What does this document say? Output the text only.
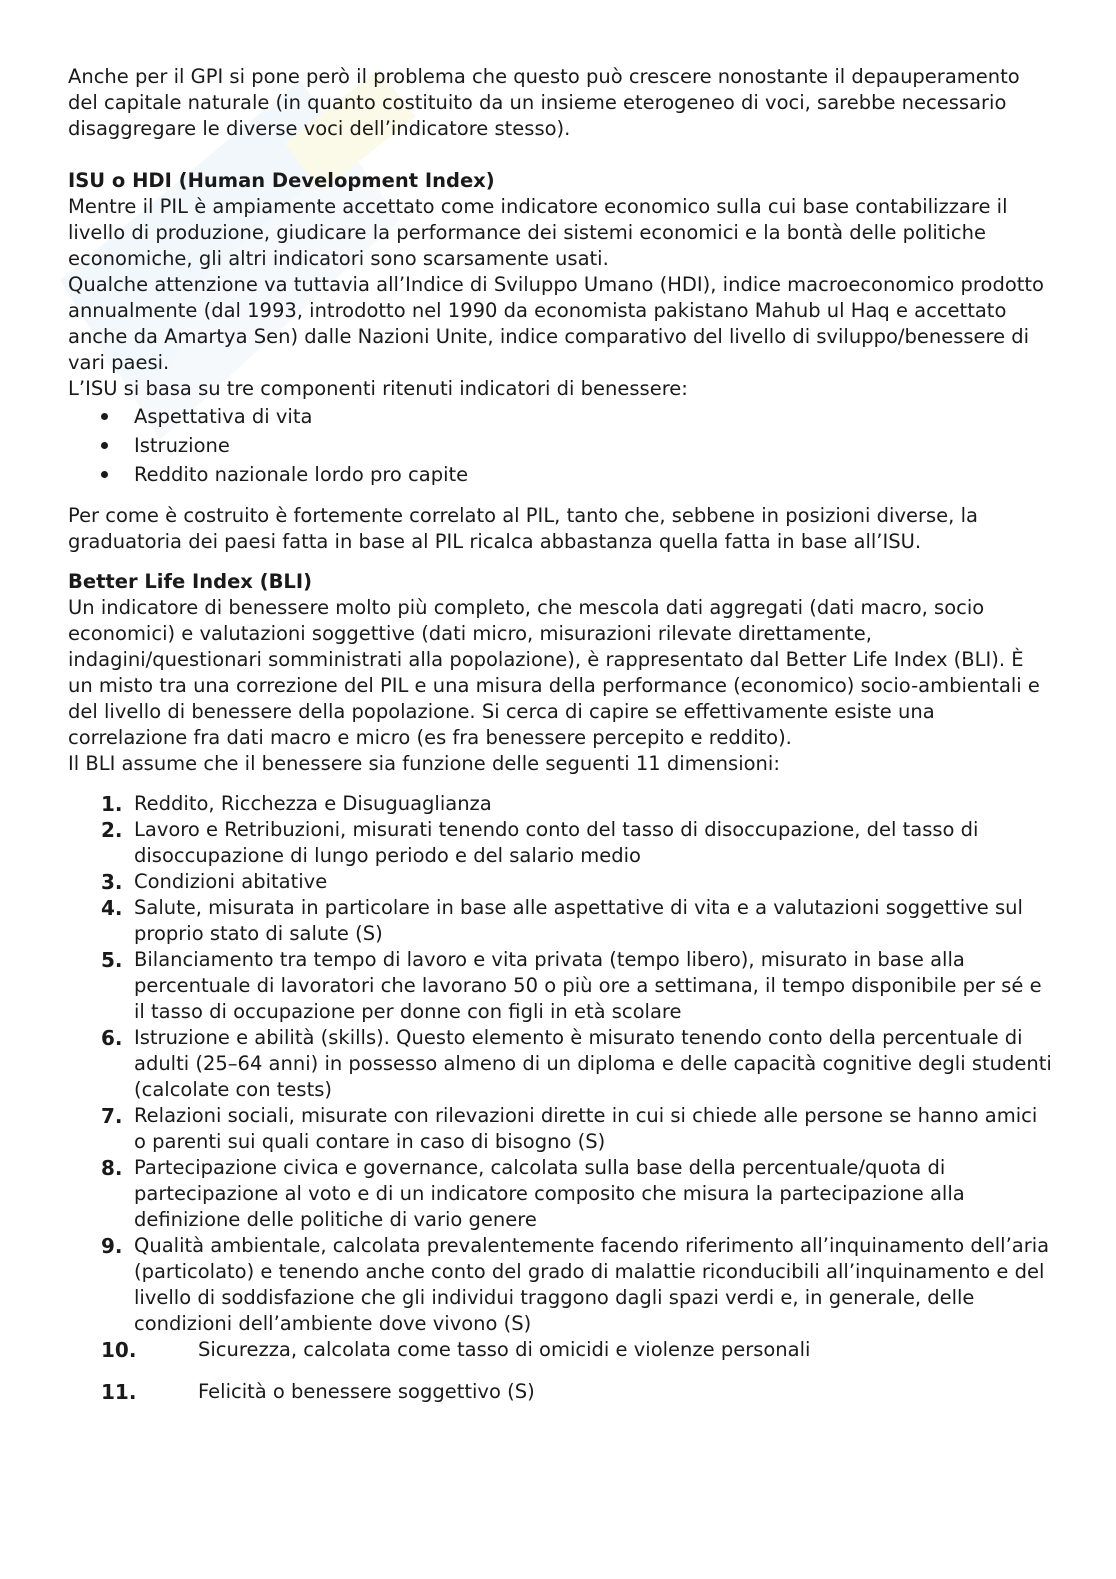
Anche per il GPI si pone però il problema che questo può crescere nonostante il depauperamento del capitale naturale (in quanto costituito da un insieme eterogeneo di voci, sarebbe necessario disaggregare le diverse voci dell’indicatore stesso).

ISU o HDI (Human Development Index)

Mentre il PIL è ampiamente accettato come indicatore economico sulla cui base contabilizzare il livello di produzione, giudicare la performance dei sistemi economici e la bontà delle politiche economiche, gli altri indicatori sono scarsamente usati.

Qualche attenzione va tuttavia all’Indice di Sviluppo Umano (HDI), indice macroeconomico prodotto annualmente (dal 1993, introdotto nel 1990 da economista pakistano Mahub ul Haq e accettato anche da Amartya Sen) dalle Nazioni Unite, indice comparativo del livello di sviluppo/benessere di vari paesi.

L’ISU si basa su tre componenti ritenuti indicatori di benessere:

Aspettativa di vita
Istruzione
Reddito nazionale lordo pro capite

Per come è costruito è fortemente correlato al PIL, tanto che, sebbene in posizioni diverse, la graduatoria dei paesi fatta in base al PIL ricalca abbastanza quella fatta in base all’ISU.

Better Life Index (BLI)

Un indicatore di benessere molto più completo, che mescola dati aggregati (dati macro, socio economici) e valutazioni soggettive (dati micro, misurazioni rilevate direttamente, indagini/questionari somministrati alla popolazione), è rappresentato dal Better Life Index (BLI). È un misto tra una correzione del PIL e una misura della performance (economico) socio-ambientali e del livello di benessere della popolazione. Si cerca di capire se effettivamente esiste una correlazione fra dati macro e micro (es fra benessere percepito e reddito).

Il BLI assume che il benessere sia funzione delle seguenti 11 dimensioni:

1. Reddito, Ricchezza e Disuguaglianza
2. Lavoro e Retribuzioni, misurati tenendo conto del tasso di disoccupazione, del tasso di disoccupazione di lungo periodo e del salario medio
3. Condizioni abitative
4. Salute, misurata in particolare in base alle aspettative di vita e a valutazioni soggettive sul proprio stato di salute (S)
5. Bilanciamento tra tempo di lavoro e vita privata (tempo libero), misurato in base alla percentuale di lavoratori che lavorano 50 o più ore a settimana, il tempo disponibile per sé e il tasso di occupazione per donne con figli in età scolare
6. Istruzione e abilità (skills). Questo elemento è misurato tenendo conto della percentuale di adulti (25–64 anni) in possesso almeno di un diploma e delle capacità cognitive degli studenti (calcolate con tests)
7. Relazioni sociali, misurate con rilevazioni dirette in cui si chiede alle persone se hanno amici o parenti sui quali contare in caso di bisogno (S)
8. Partecipazione civica e governance, calcolata sulla base della percentuale/quota di partecipazione al voto e di un indicatore composito che misura la partecipazione alla definizione delle politiche di vario genere
9. Qualità ambientale, calcolata prevalentemente facendo riferimento all’inquinamento dell’aria (particolato) e tenendo anche conto del grado di malattie riconducibili all’inquinamento e del livello di soddisfazione che gli individui traggono dagli spazi verdi e, in generale, delle condizioni dell’ambiente dove vivono (S)
10.	Sicurezza, calcolata come tasso di omicidi e violenze personali
11.	Felicità o benessere soggettivo (S)
